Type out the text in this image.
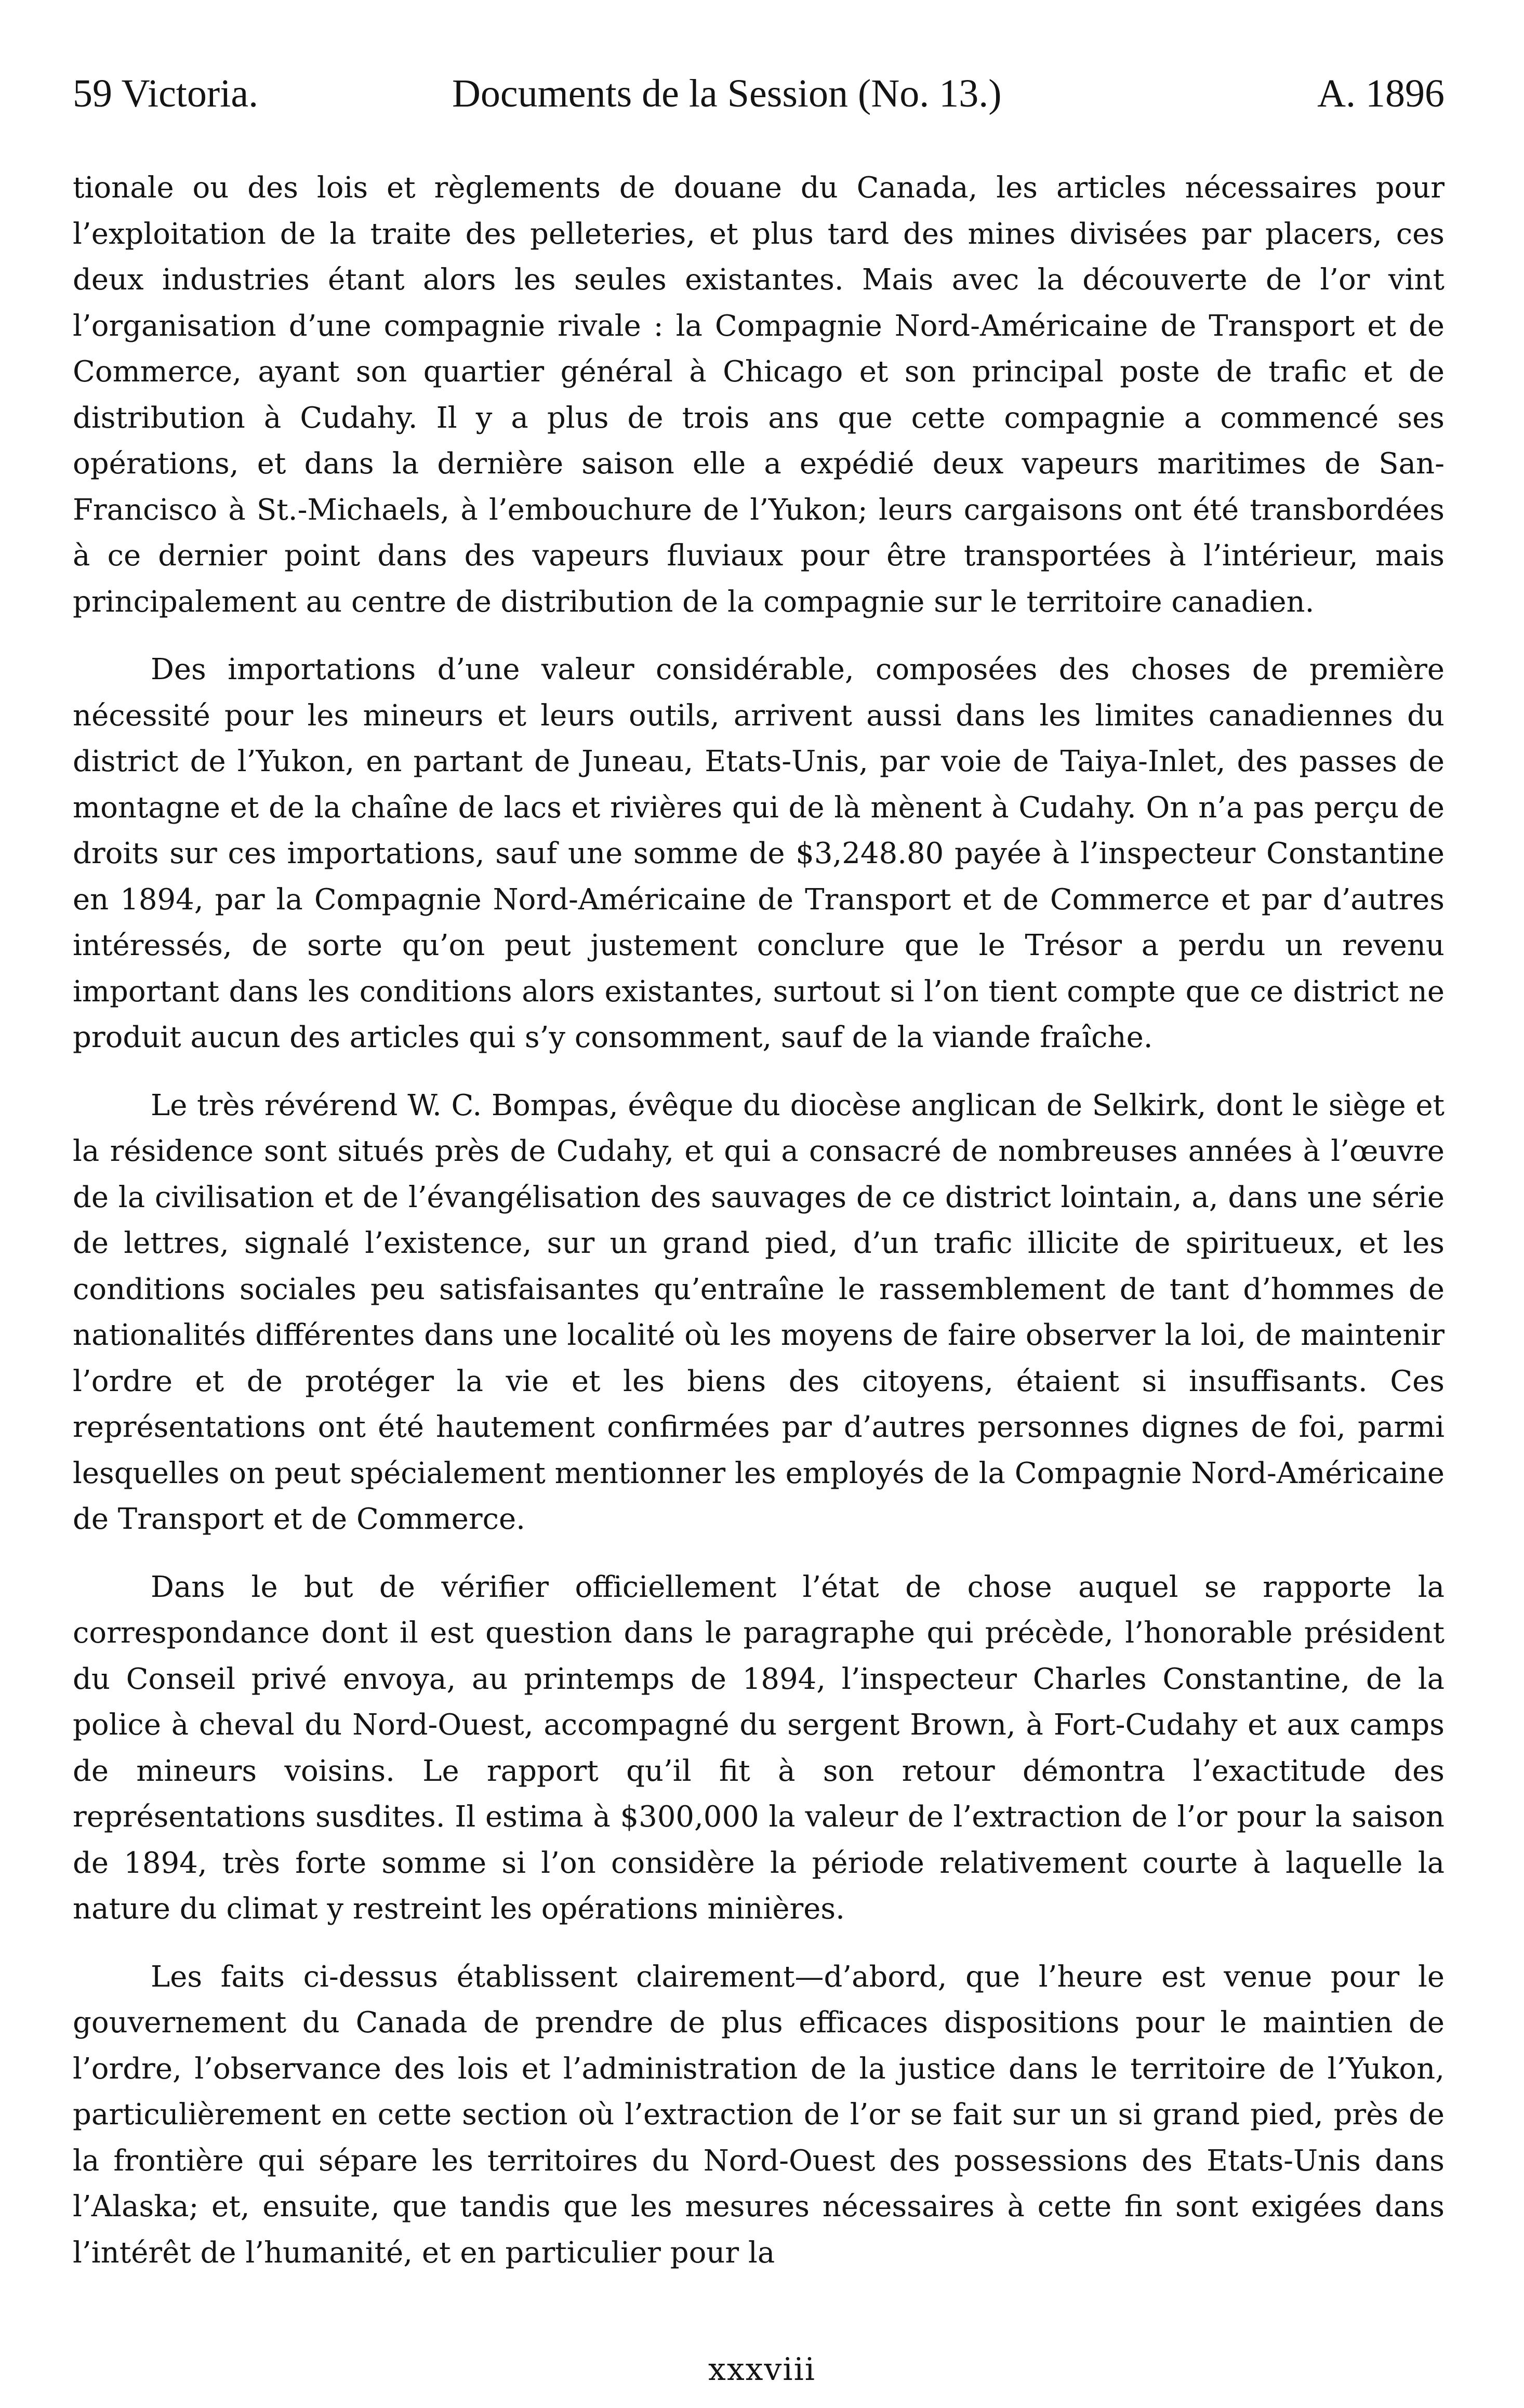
59 Victoria.	Documents de la Session (No. 13.)	A. 1896

tionale ou des lois et règlements de douane du Canada, les articles nécessaires pour l’exploitation de la traite des pelleteries, et plus tard des mines divisées par placers, ces deux industries étant alors les seules existantes. Mais avec la découverte de l’or vint l’organisation d’une compagnie rivale : la Compagnie Nord-Américaine de Transport et de Commerce, ayant son quartier général à Chicago et son principal poste de trafic et de distribution à Cudahy. Il y a plus de trois ans que cette compagnie a commencé ses opérations, et dans la dernière saison elle a expédié deux vapeurs maritimes de San-Francisco à St.-Michaels, à l’embouchure de l’Yukon; leurs cargaisons ont été transbordées à ce dernier point dans des vapeurs fluviaux pour être transportées à l’intérieur, mais principalement au centre de distribution de la compagnie sur le territoire canadien.

Des importations d’une valeur considérable, composées des choses de première nécessité pour les mineurs et leurs outils, arrivent aussi dans les limites canadiennes du district de l’Yukon, en partant de Juneau, Etats-Unis, par voie de Taiya-Inlet, des passes de montagne et de la chaîne de lacs et rivières qui de là mènent à Cudahy. On n’a pas perçu de droits sur ces importations, sauf une somme de $3,248.80 payée à l’inspecteur Constantine en 1894, par la Compagnie Nord-Américaine de Transport et de Commerce et par d’autres intéressés, de sorte qu’on peut justement conclure que le Trésor a perdu un revenu important dans les conditions alors existantes, surtout si l’on tient compte que ce district ne produit aucun des articles qui s’y consomment, sauf de la viande fraîche.

Le très révérend W. C. Bompas, évêque du diocèse anglican de Selkirk, dont le siège et la résidence sont situés près de Cudahy, et qui a consacré de nombreuses années à l’œuvre de la civilisation et de l’évangélisation des sauvages de ce district lointain, a, dans une série de lettres, signalé l’existence, sur un grand pied, d’un trafic illicite de spiritueux, et les conditions sociales peu satisfaisantes qu’entraîne le rassemblement de tant d’hommes de nationalités différentes dans une localité où les moyens de faire observer la loi, de maintenir l’ordre et de protéger la vie et les biens des citoyens, étaient si insuffisants. Ces représentations ont été hautement confirmées par d’autres personnes dignes de foi, parmi lesquelles on peut spécialement mentionner les employés de la Compagnie Nord-Américaine de Transport et de Commerce.

Dans le but de vérifier officiellement l’état de chose auquel se rapporte la correspondance dont il est question dans le paragraphe qui précède, l’honorable président du Conseil privé envoya, au printemps de 1894, l’inspecteur Charles Constantine, de la police à cheval du Nord-Ouest, accompagné du sergent Brown, à Fort-Cudahy et aux camps de mineurs voisins. Le rapport qu’il fit à son retour démontra l’exactitude des représentations susdites. Il estima à $300,000 la valeur de l’extraction de l’or pour la saison de 1894, très forte somme si l’on considère la période relativement courte à laquelle la nature du climat y restreint les opérations minières.

Les faits ci-dessus établissent clairement—d’abord, que l’heure est venue pour le gouvernement du Canada de prendre de plus efficaces dispositions pour le maintien de l’ordre, l’observance des lois et l’administration de la justice dans le territoire de l’Yukon, particulièrement en cette section où l’extraction de l’or se fait sur un si grand pied, près de la frontière qui sépare les territoires du Nord-Ouest des possessions des Etats-Unis dans l’Alaska; et, ensuite, que tandis que les mesures nécessaires à cette fin sont exigées dans l’intérêt de l’humanité, et en particulier pour la

xxxviii
